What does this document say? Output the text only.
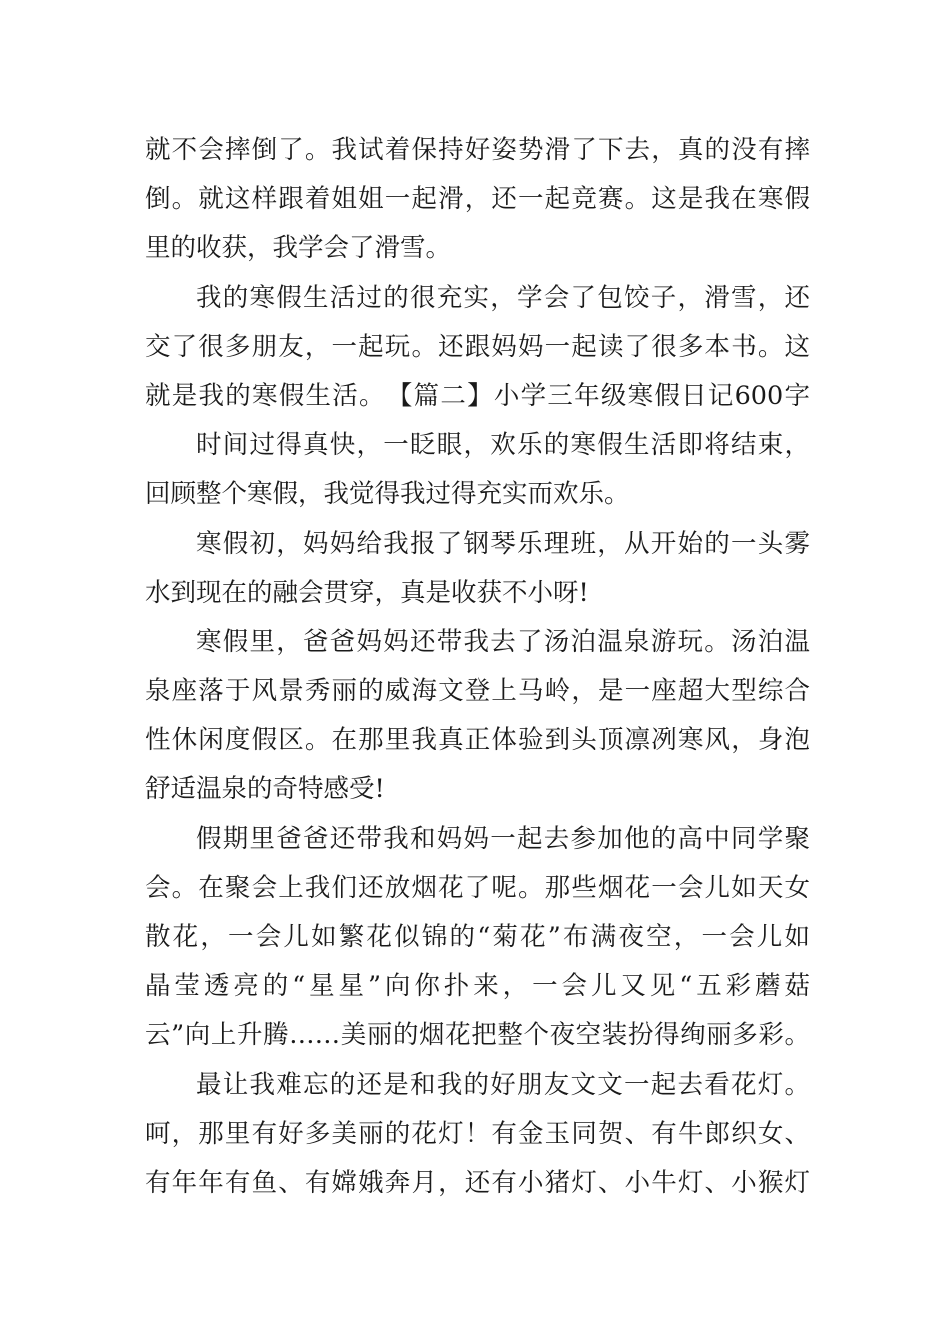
就不会摔倒了。我试着保持好姿势滑了下去，真的没有摔
倒。就这样跟着姐姐一起滑，还一起竞赛。这是我在寒假
里的收获，我学会了滑雪。
我的寒假生活过的很充实，学会了包饺子，滑雪，还
交了很多朋友，一起玩。还跟妈妈一起读了很多本书。这
就是我的寒假生活。　【篇二】小学三年级寒假日记600字
时间过得真快，一眨眼，欢乐的寒假生活即将结束，
回顾整个寒假，我觉得我过得充实而欢乐。
寒假初，妈妈给我报了钢琴乐理班，从开始的一头雾
水到现在的融会贯穿，真是收获不小呀!
寒假里，爸爸妈妈还带我去了汤泊温泉游玩。汤泊温
泉座落于风景秀丽的威海文登上马岭，是一座超大型综合
性休闲度假区。在那里我真正体验到头顶凛冽寒风，身泡
舒适温泉的奇特感受!
假期里爸爸还带我和妈妈一起去参加他的高中同学聚
会。在聚会上我们还放烟花了呢。那些烟花一会儿如天女
散花，一会儿如繁花似锦的“菊花”布满夜空，一会儿如
晶莹透亮的“星星”向你扑来，一会儿又见“五彩蘑菇
云”向上升腾……美丽的烟花把整个夜空装扮得绚丽多彩。
最让我难忘的还是和我的好朋友文文一起去看花灯。
呵，那里有好多美丽的花灯！有金玉同贺、有牛郎织女、
有年年有鱼、有嫦娥奔月，还有小猪灯、小牛灯、小猴灯
